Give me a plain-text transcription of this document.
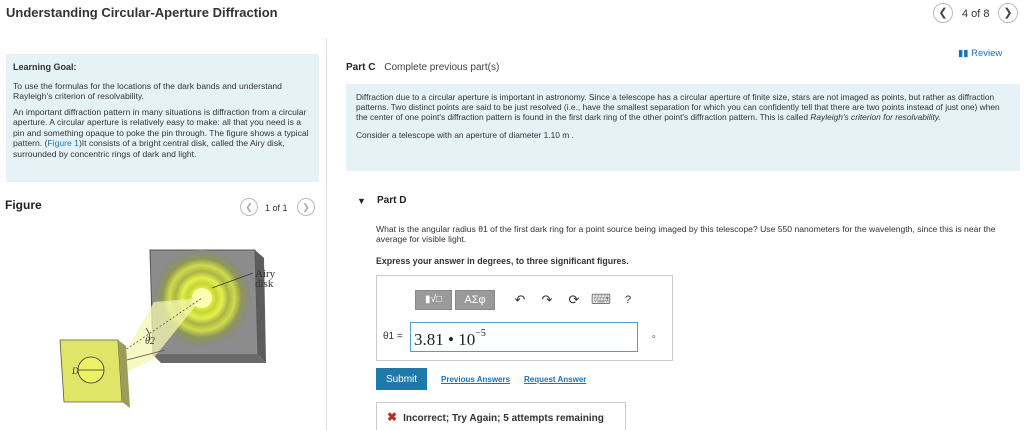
Understanding Circular-Aperture Diffraction	❮	4 of 8	❯
Learning Goal:

To use the formulas for the locations of the dark bands and understand Rayleigh's criterion of resolvability.

An important diffraction pattern in many situations is diffraction from a circular aperture. A circular aperture is relatively easy to make: all that you need is a pin and something opaque to poke the pin through. The figure shows a typical pattern. (Figure 1)It consists of a bright central disk, called the Airy disk, surrounded by concentric rings of dark and light.

Figure	❮	1 of 1	❯
θ2
D
Airy
disk
▮▮ Review
Part C Complete previous part(s)

Diffraction due to a circular aperture is important in astronomy. Since a telescope has a circular aperture of finite size, stars are not imaged as points, but rather as diffraction patterns. Two distinct points are said to be just resolved (i.e., have the smallest separation for which you can confidently tell that there are two points instead of just one) when the center of one point's diffraction pattern is found in the first dark ring of the other point's diffraction pattern. This is called Rayleigh's criterion for resolvability.

Consider a telescope with an aperture of diameter 1.10 m .

▼ Part D
What is the angular radius θ1 of the first dark ring for a point source being imaged by this telescope? Use 550 nanometers for the wavelength, since this is near the average for visible light.
Express your answer in degrees, to three significant figures.
▮√□	ΑΣφ	↶	↷	⟳ ⌨	?
θ1 = 3.81 • $10^{-5}$	∘
Submit	Previous Answers Request Answer
✖ Incorrect; Try Again; 5 attempts remaining
